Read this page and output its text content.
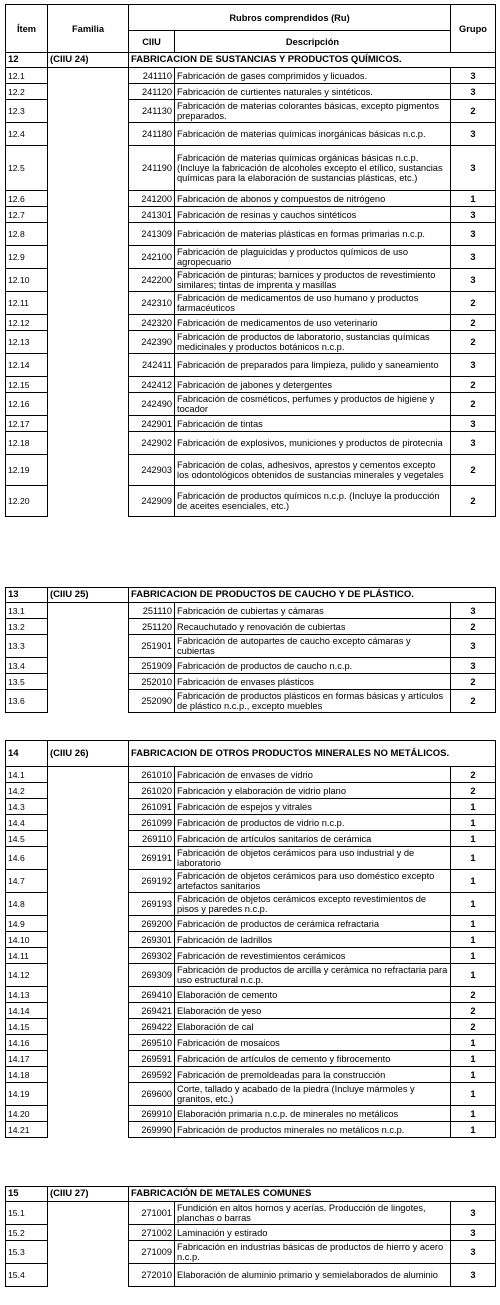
Ítem	Familia	Rubros comprendidos (Ru)		Grupo
		CIIU	Descripción	
12	(CIIU 24)	FABRICACION DE SUSTANCIAS Y PRODUCTOS QUÍMICOS.		
12.1		241110	Fabricación de gases comprimidos y licuados.	3
12.2		241120	Fabricación de curtientes naturales y sintéticos.	3
12.3		241130	Fabricación de materias colorantes básicas, excepto pigmentos preparados.	2
12.4		241180	Fabricación de materias químicas inorgánicas básicas n.c.p.	3
12.5		241190	Fabricación de materias químicas orgánicas básicas n.c.p. (Incluye la fabricación de alcoholes excepto el etílico, sustancias químicas para la elaboración de sustancias plásticas, etc.)	3
12.6		241200	Fabricación de abonos y compuestos de nitrógeno	1
12.7		241301	Fabricación de resinas y cauchos sintéticos	3
12.8		241309	Fabricación de materias plásticas en formas primarias n.c.p.	3
12.9		242100	Fabricación de plaguicidas y productos químicos de uso agropecuario	3
12.10		242200	Fabricación de pinturas; barnices y productos de revestimiento similares; tintas de imprenta y masillas	3
12.11		242310	Fabricación de medicamentos de uso humano y productos farmacéuticos	2
12.12		242320	Fabricación de medicamentos de uso veterinario	2
12.13		242390	Fabricación de productos de laboratorio, sustancias químicas medicinales y productos botánicos n.c.p.	2
12.14		242411	Fabricación de preparados para limpieza, pulido y saneamiento	3
12.15		242412	Fabricación de jabones y detergentes	2
12.16		242490	Fabricación de cosméticos, perfumes y productos de higiene y tocador	2
12.17		242901	Fabricación de tintas	3
12.18		242902	Fabricación de explosivos, municiones y productos de pirotecnia	3
12.19		242903	Fabricación de colas, adhesivos, aprestos y cementos excepto los odontológicos obtenidos de sustancias minerales y vegetales	2
12.20		242909	Fabricación de productos químicos n.c.p. (Incluye la producción de aceites esenciales, etc.)	2
13	(CIIU 25)	FABRICACION DE PRODUCTOS DE CAUCHO Y DE PLÁSTICO.		
13.1		251110	Fabricación de cubiertas y cámaras	3
13.2		251120	Recauchutado y renovación de cubiertas	2
13.3		251901	Fabricación de autopartes de caucho excepto cámaras y cubiertas	3
13.4		251909	Fabricación de productos de caucho n.c.p.	3
13.5		252010	Fabricación de envases plásticos	2
13.6		252090	Fabricación de productos plásticos en formas básicas y artículos de plástico n.c.p., excepto muebles	2
14	(CIIU 26)	FABRICACION DE OTROS PRODUCTOS MINERALES NO METÁLICOS.		
14.1		261010	Fabricación de envases de vidrio	2
14.2		261020	Fabricación y elaboración de vidrio plano	2
14.3		261091	Fabricación de espejos y vitrales	1
14.4		261099	Fabricación de productos de vidrio n.c.p.	1
14.5		269110	Fabricación de artículos sanitarios de cerámica	1
14.6		269191	Fabricación de objetos cerámicos para uso industrial y de laboratorio	1
14.7		269192	Fabricación de objetos cerámicos para uso doméstico excepto artefactos sanitarios	1
14.8		269193	Fabricación de objetos cerámicos excepto revestimientos de pisos y paredes n.c.p.	1
14.9		269200	Fabricación de productos de cerámica refractaria	1
14.10		269301	Fabricación de ladrillos	1
14.11		269302	Fabricación de revestimientos cerámicos	1
14.12		269309	Fabricación de productos de arcilla y cerámica no refractaria para uso estructural n.c.p.	1
14.13		269410	Elaboración de cemento	2
14.14		269421	Elaboración de yeso	2
14.15		269422	Elaboración de cal	2
14.16		269510	Fabricación de mosaicos	1
14.17		269591	Fabricación de artículos de cemento y fibrocemento	1
14.18		269592	Fabricación de premoldeadas para la construcción	1
14.19		269600	Corte, tallado y acabado de la piedra (Incluye mármoles y granitos, etc.)	1
14.20		269910	Elaboración primaria n.c.p. de minerales no metálicos	1
14.21		269990	Fabricación de productos minerales no metálicos n.c.p.	1
15	(CIIU 27)	FABRICACIÓN DE METALES COMUNES		
15.1		271001	Fundición en altos hornos y acerías. Producción de lingotes, planchas o barras	3
15.2		271002	Laminación y estirado	3
15.3		271009	Fabricación en industrias básicas de productos de hierro y acero n.c.p.	3
15.4		272010	Elaboración de aluminio primario y semielaborados de aluminio	3
